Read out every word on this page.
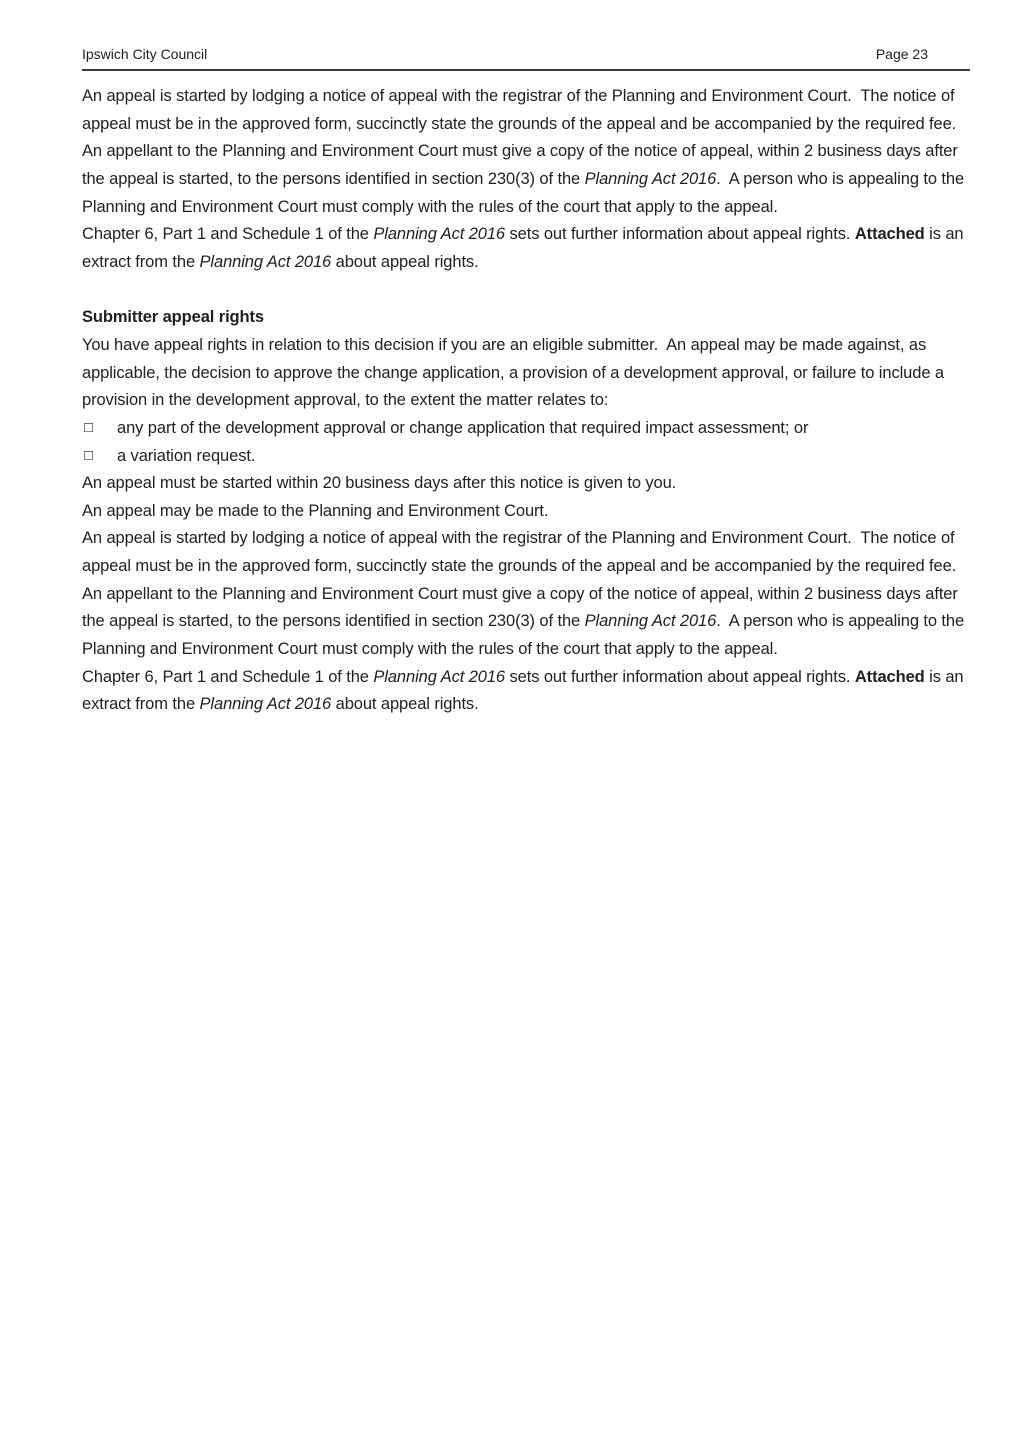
Ipswich City Council	Page 23

An appeal is started by lodging a notice of appeal with the registrar of the Planning and Environment Court.  The notice of appeal must be in the approved form, succinctly state the grounds of the appeal and be accompanied by the required fee.

An appellant to the Planning and Environment Court must give a copy of the notice of appeal, within 2 business days after the appeal is started, to the persons identified in section 230(3) of the Planning Act 2016.  A person who is appealing to the Planning and Environment Court must comply with the rules of the court that apply to the appeal.

Chapter 6, Part 1 and Schedule 1 of the Planning Act 2016 sets out further information about appeal rights. Attached is an extract from the Planning Act 2016 about appeal rights.

Submitter appeal rights

You have appeal rights in relation to this decision if you are an eligible submitter.  An appeal may be made against, as applicable, the decision to approve the change application, a provision of a development approval, or failure to include a provision in the development approval, to the extent the matter relates to:

□ any part of the development approval or change application that required impact assessment; or

□ a variation request.

An appeal must be started within 20 business days after this notice is given to you.

An appeal may be made to the Planning and Environment Court.

An appeal is started by lodging a notice of appeal with the registrar of the Planning and Environment Court.  The notice of appeal must be in the approved form, succinctly state the grounds of the appeal and be accompanied by the required fee.

An appellant to the Planning and Environment Court must give a copy of the notice of appeal, within 2 business days after the appeal is started, to the persons identified in section 230(3) of the Planning Act 2016.  A person who is appealing to the Planning and Environment Court must comply with the rules of the court that apply to the appeal.

Chapter 6, Part 1 and Schedule 1 of the Planning Act 2016 sets out further information about appeal rights. Attached is an extract from the Planning Act 2016 about appeal rights.
